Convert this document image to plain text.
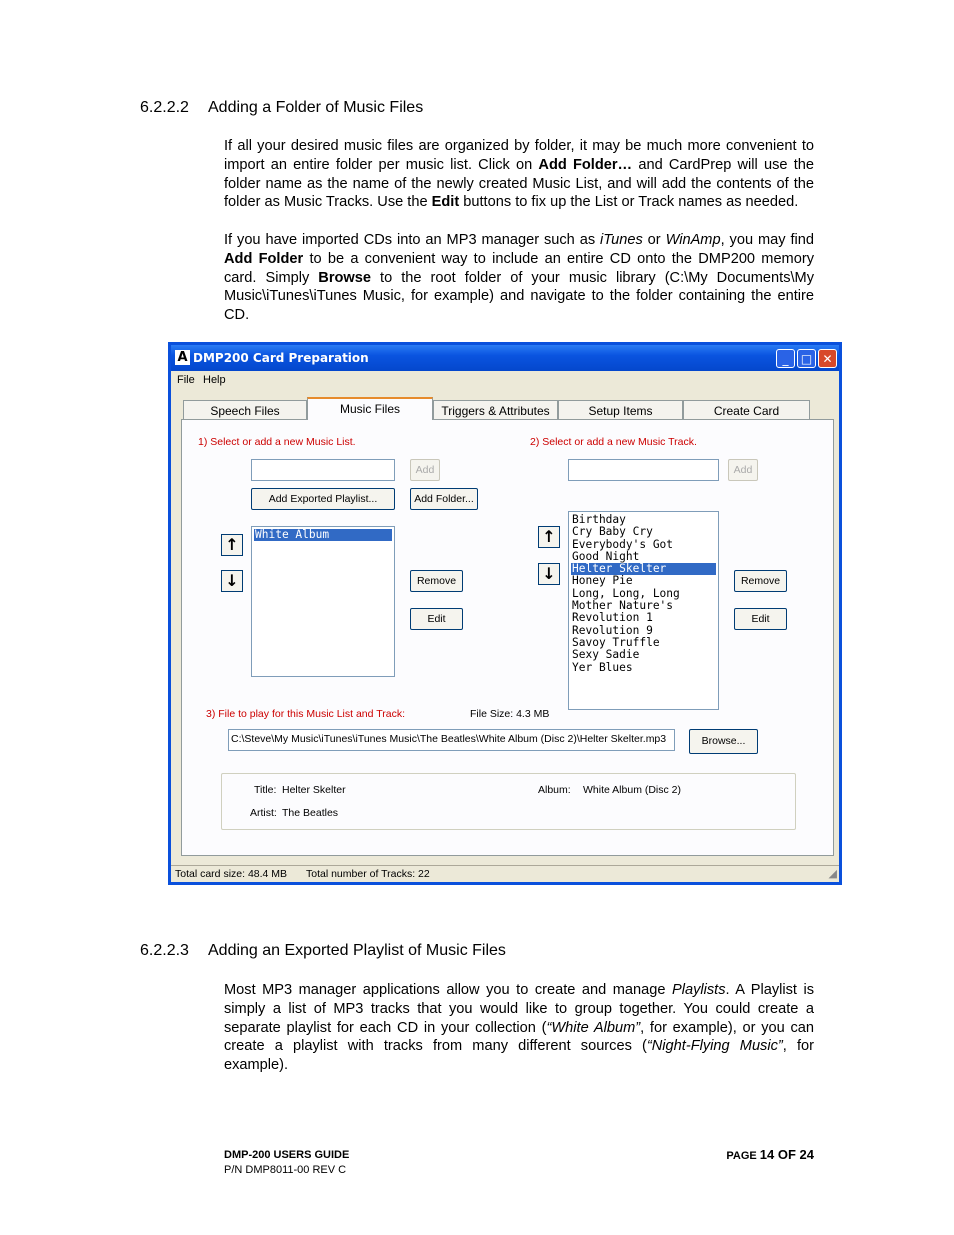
6.2.2.2 Adding a Folder of Music Files

If all your desired music files are organized by folder, it may be much more convenient to import an entire folder per music list. Click on Add Folder… and CardPrep will use the folder name as the name of the newly created Music List, and will add the contents of the folder as Music Tracks. Use the Edit buttons to fix up the List or Track names as needed.

If you have imported CDs into an MP3 manager such as iTunes or WinAmp, you may find Add Folder to be a convenient way to include an entire CD onto the DMP200 memory card. Simply Browse to the root folder of your music library (C:\My Documents\My Music\iTunes\iTunes Music, for example) and navigate to the folder containing the entire CD.

A DMP200 Card Preparation	_	□ ✕
File Help
Speech Files	Music Files	Triggers & Attributes	Setup Items	Create Card
1) Select or add a new Music List.	2) Select or add a new Music Track.
Add	Add
Add Exported Playlist...	Add Folder...
↑
↓
White Album
Remove
Edit
↑
↓
Birthday
Cry Baby Cry
Everybody's Got
Good Night
Helter Skelter
Honey Pie
Long, Long, Long
Mother Nature's
Revolution 1
Revolution 9
Savoy Truffle
Sexy Sadie
Yer Blues
Remove
Edit
3) File to play for this Music List and Track:	File Size: 4.3 MB
C:\Steve\My Music\iTunes\iTunes Music\The Beatles\White Album (Disc 2)\Helter Skelter.mp3	Browse...
Title: Helter Skelter
Artist: The Beatles
Album: White Album (Disc 2)
Total card size: 48.4 MB Total number of Tracks: 22	◢
6.2.2.3 Adding an Exported Playlist of Music Files

Most MP3 manager applications allow you to create and manage Playlists. A Playlist is simply a list of MP3 tracks that you would like to group together. You could create a separate playlist for each CD in your collection (“White Album”, for example), or you can create a playlist with tracks from many different sources (“Night-Flying Music”, for example).

DMP-200 USERS GUIDE
P/N DMP8011-00 REV C
PAGE 14 OF 24
